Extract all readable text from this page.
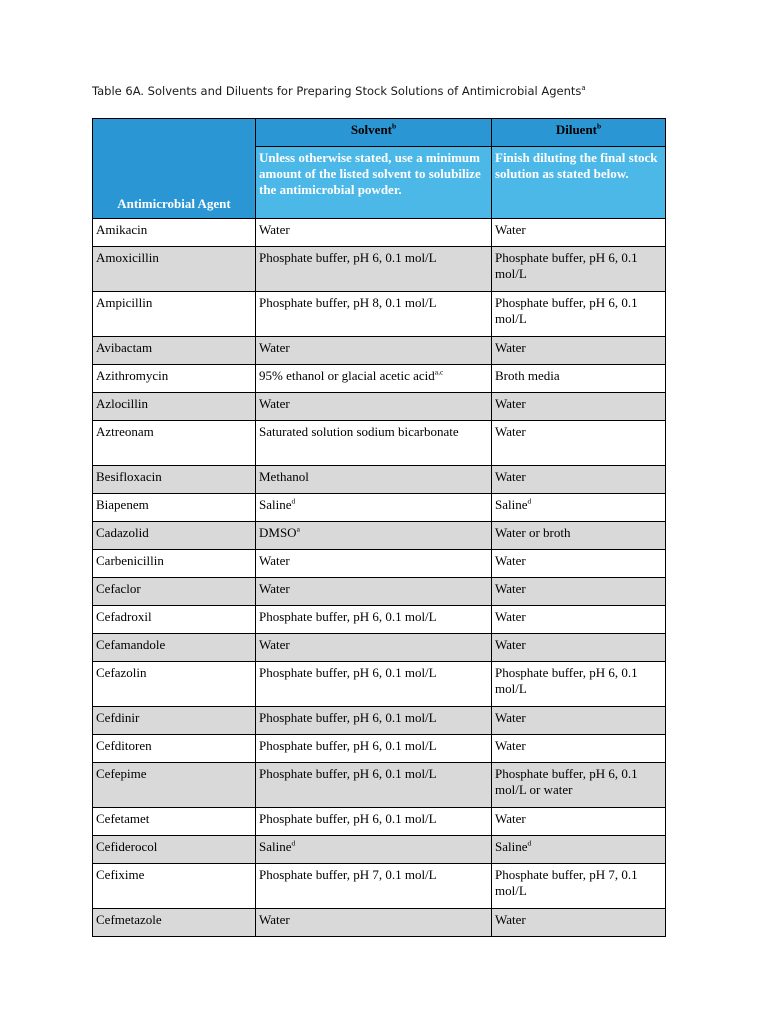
Table 6A. Solvents and Diluents for Preparing Stock Solutions of Antimicrobial Agents$^a$
Antimicrobial Agent	Solvent$^b$	Diluent$^b$
	Unless otherwise stated, use a minimum amount of the listed solvent to solubilize the antimicrobial powder.	Finish diluting the final stock solution as stated below.
Amikacin	Water	Water
Amoxicillin	Phosphate buffer, pH 6, 0.1 mol/L	Phosphate buffer, pH 6, 0.1 mol/L
Ampicillin	Phosphate buffer, pH 8, 0.1 mol/L	Phosphate buffer, pH 6, 0.1 mol/L
Avibactam	Water	Water
Azithromycin	95% ethanol or glacial acetic acid$^{a,c}$	Broth media
Azlocillin	Water	Water
Aztreonam	Saturated solution sodium bicarbonate	Water
Besifloxacin	Methanol	Water
Biapenem	Saline$^d$	Saline$^d$
Cadazolid	DMSO$^a$	Water or broth
Carbenicillin	Water	Water
Cefaclor	Water	Water
Cefadroxil	Phosphate buffer, pH 6, 0.1 mol/L	Water
Cefamandole	Water	Water
Cefazolin	Phosphate buffer, pH 6, 0.1 mol/L	Phosphate buffer, pH 6, 0.1 mol/L
Cefdinir	Phosphate buffer, pH 6, 0.1 mol/L	Water
Cefditoren	Phosphate buffer, pH 6, 0.1 mol/L	Water
Cefepime	Phosphate buffer, pH 6, 0.1 mol/L	Phosphate buffer, pH 6, 0.1 mol/L or water
Cefetamet	Phosphate buffer, pH 6, 0.1 mol/L	Water
Cefiderocol	Saline$^d$	Saline$^d$
Cefixime	Phosphate buffer, pH 7, 0.1 mol/L	Phosphate buffer, pH 7, 0.1 mol/L
Cefmetazole	Water	Water
